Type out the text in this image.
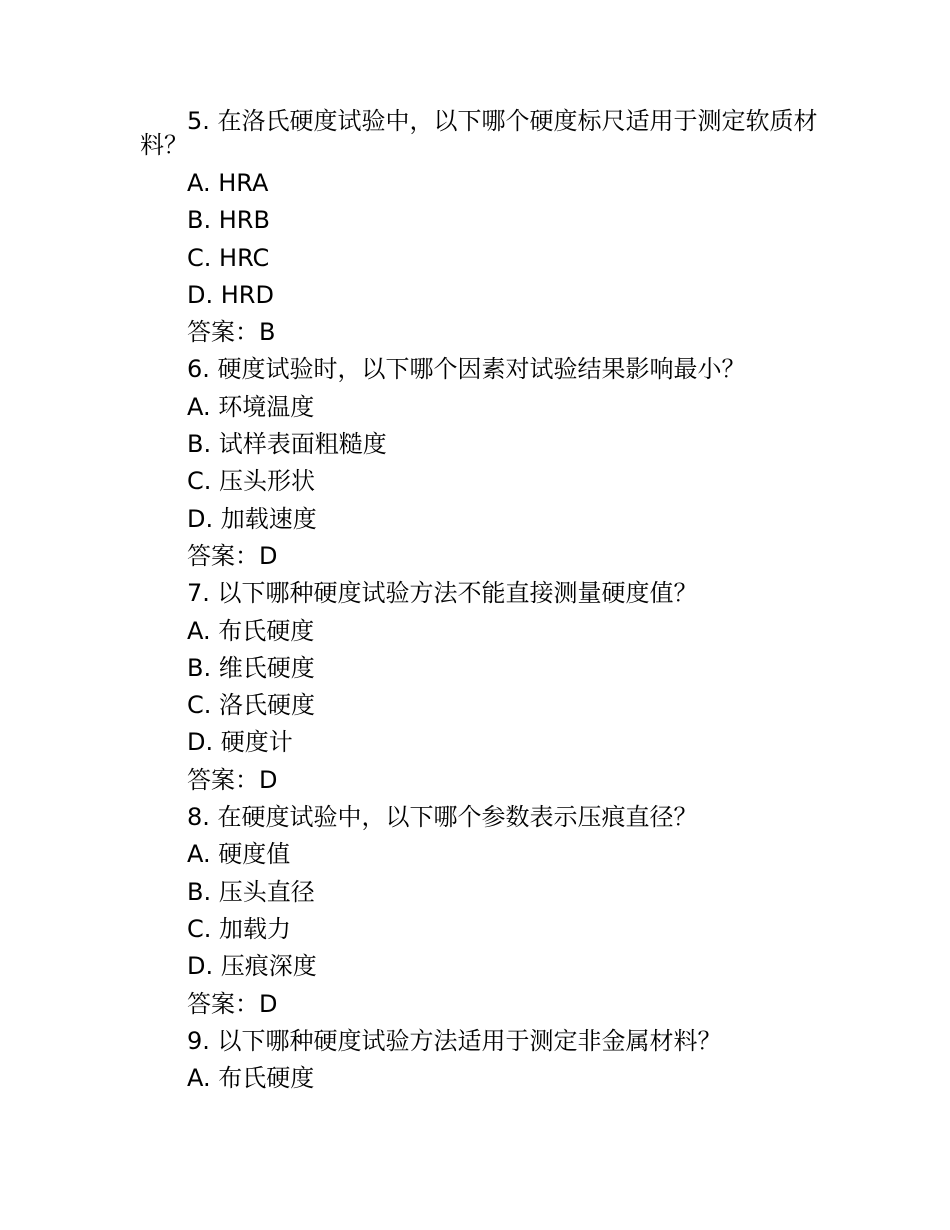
5. 在洛氏硬度试验中，以下哪个硬度标尺适用于测定软质材料？
A. HRA
B. HRB
C. HRC
D. HRD
答案：B
6. 硬度试验时，以下哪个因素对试验结果影响最小？
A. 环境温度
B. 试样表面粗糙度
C. 压头形状
D. 加载速度
答案：D
7. 以下哪种硬度试验方法不能直接测量硬度值？
A. 布氏硬度
B. 维氏硬度
C. 洛氏硬度
D. 硬度计
答案：D
8. 在硬度试验中，以下哪个参数表示压痕直径？
A. 硬度值
B. 压头直径
C. 加载力
D. 压痕深度
答案：D
9. 以下哪种硬度试验方法适用于测定非金属材料？
A. 布氏硬度
